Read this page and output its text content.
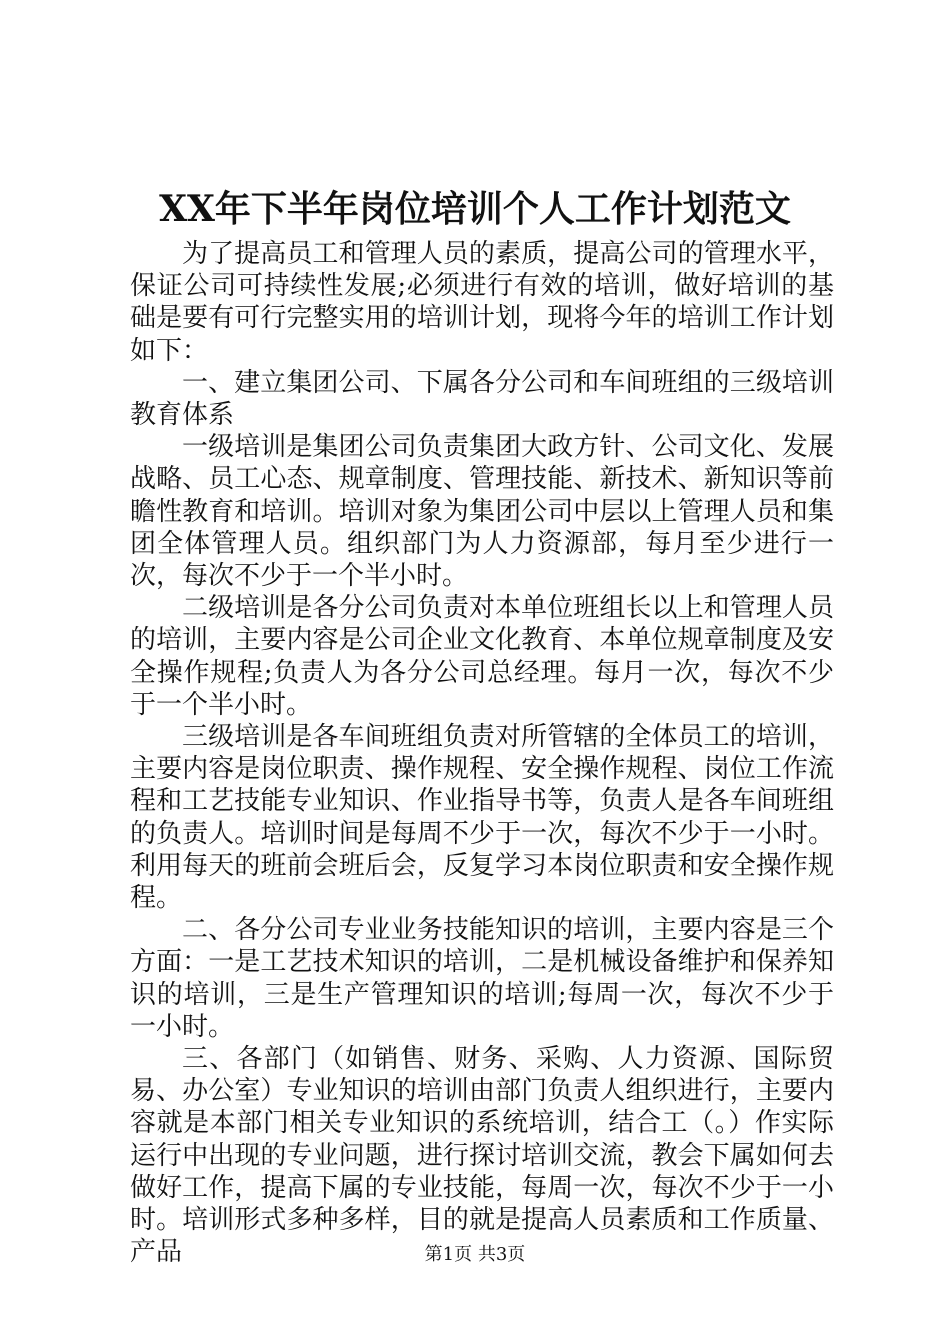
XX年下半年岗位培训个人工作计划范文

为了提高员工和管理人员的素质，提高公司的管理水平，保证公司可持续性发展;必须进行有效的培训，做好培训的基础是要有可行完整实用的培训计划，现将今年的培训工作计划如下：

一、建立集团公司、下属各分公司和车间班组的三级培训教育体系

一级培训是集团公司负责集团大政方针、公司文化、发展战略、员工心态、规章制度、管理技能、新技术、新知识等前瞻性教育和培训。培训对象为集团公司中层以上管理人员和集团全体管理人员。组织部门为人力资源部，每月至少进行一次，每次不少于一个半小时。

二级培训是各分公司负责对本单位班组长以上和管理人员的培训，主要内容是公司企业文化教育、本单位规章制度及安全操作规程;负责人为各分公司总经理。每月一次，每次不少于一个半小时。

三级培训是各车间班组负责对所管辖的全体员工的培训，主要内容是岗位职责、操作规程、安全操作规程、岗位工作流程和工艺技能专业知识、作业指导书等，负责人是各车间班组的负责人。培训时间是每周不少于一次，每次不少于一小时。利用每天的班前会班后会，反复学习本岗位职责和安全操作规程。

二、各分公司专业业务技能知识的培训，主要内容是三个方面：一是工艺技术知识的培训，二是机械设备维护和保养知识的培训，三是生产管理知识的培训;每周一次，每次不少于一小时。

三、各部门（如销售、财务、采购、人力资源、国际贸易、办公室）专业知识的培训由部门负责人组织进行，主要内容就是本部门相关专业知识的系统培训，结合工（。）作实际运行中出现的专业问题，进行探讨培训交流，教会下属如何去做好工作，提高下属的专业技能，每周一次，每次不少于一小时。培训形式多种多样，目的就是提高人员素质和工作质量、产品	第1页 共3页
